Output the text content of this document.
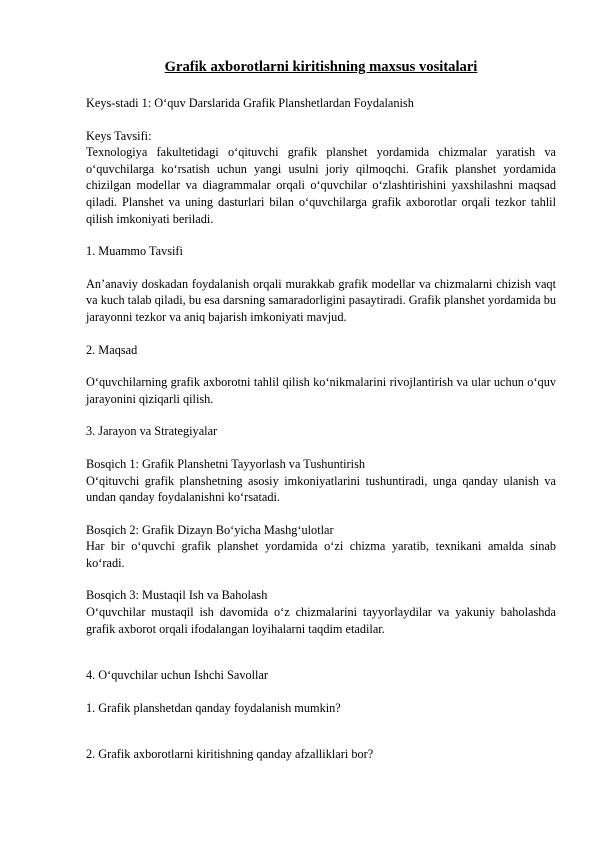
Grafik axborotlarni kiritishning maxsus vositalari
Keys-stadi 1: O‘quv Darslarida Grafik Planshetlardan Foydalanish
Keys Tavsifi:
Texnologiya fakultetidagi o‘qituvchi grafik planshet yordamida chizmalar yaratish va o‘quvchilarga ko‘rsatish uchun yangi usulni joriy qilmoqchi. Grafik planshet yordamida chizilgan modellar va diagrammalar orqali o‘quvchilar o‘zlashtirishini yaxshilashni maqsad qiladi. Planshet va uning dasturlari bilan o‘quvchilarga grafik axborotlar orqali tezkor tahlil qilish imkoniyati beriladi.
1. Muammo Tavsifi
An’anaviy doskadan foydalanish orqali murakkab grafik modellar va chizmalarni chizish vaqt va kuch talab qiladi, bu esa darsning samaradorligini pasaytiradi. Grafik planshet yordamida bu jarayonni tezkor va aniq bajarish imkoniyati mavjud.
2. Maqsad
O‘quvchilarning grafik axborotni tahlil qilish ko‘nikmalarini rivojlantirish va ular uchun o‘quv jarayonini qiziqarli qilish.
3. Jarayon va Strategiyalar
Bosqich 1: Grafik Planshetni Tayyorlash va Tushuntirish
O‘qituvchi grafik planshetning asosiy imkoniyatlarini tushuntiradi, unga qanday ulanish va undan qanday foydalanishni ko‘rsatadi.
Bosqich 2: Grafik Dizayn Bo‘yicha Mashg‘ulotlar
Har bir o‘quvchi grafik planshet yordamida o‘zi chizma yaratib, texnikani amalda sinab ko‘radi.
Bosqich 3: Mustaqil Ish va Baholash
O‘quvchilar mustaqil ish davomida o‘z chizmalarini tayyorlaydilar va yakuniy baholashda grafik axborot orqali ifodalangan loyihalarni taqdim etadilar.
4. O‘quvchilar uchun Ishchi Savollar
1. Grafik planshetdan qanday foydalanish mumkin?
2. Grafik axborotlarni kiritishning qanday afzalliklari bor?
